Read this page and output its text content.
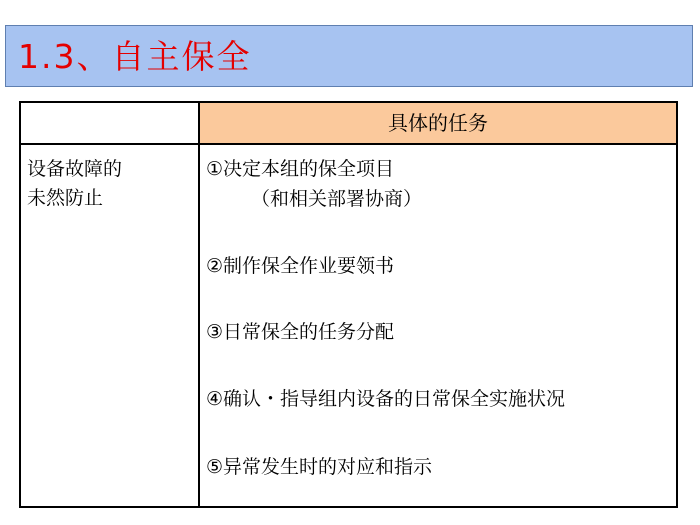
1.3、自主保全
具体的任务
设备故障的
未然防止
①决定本组的保全项目
（和相关部署协商）
②制作保全作业要领书
③日常保全的任务分配
④确认・指导组内设备的日常保全实施状况
⑤异常发生时的对应和指示
